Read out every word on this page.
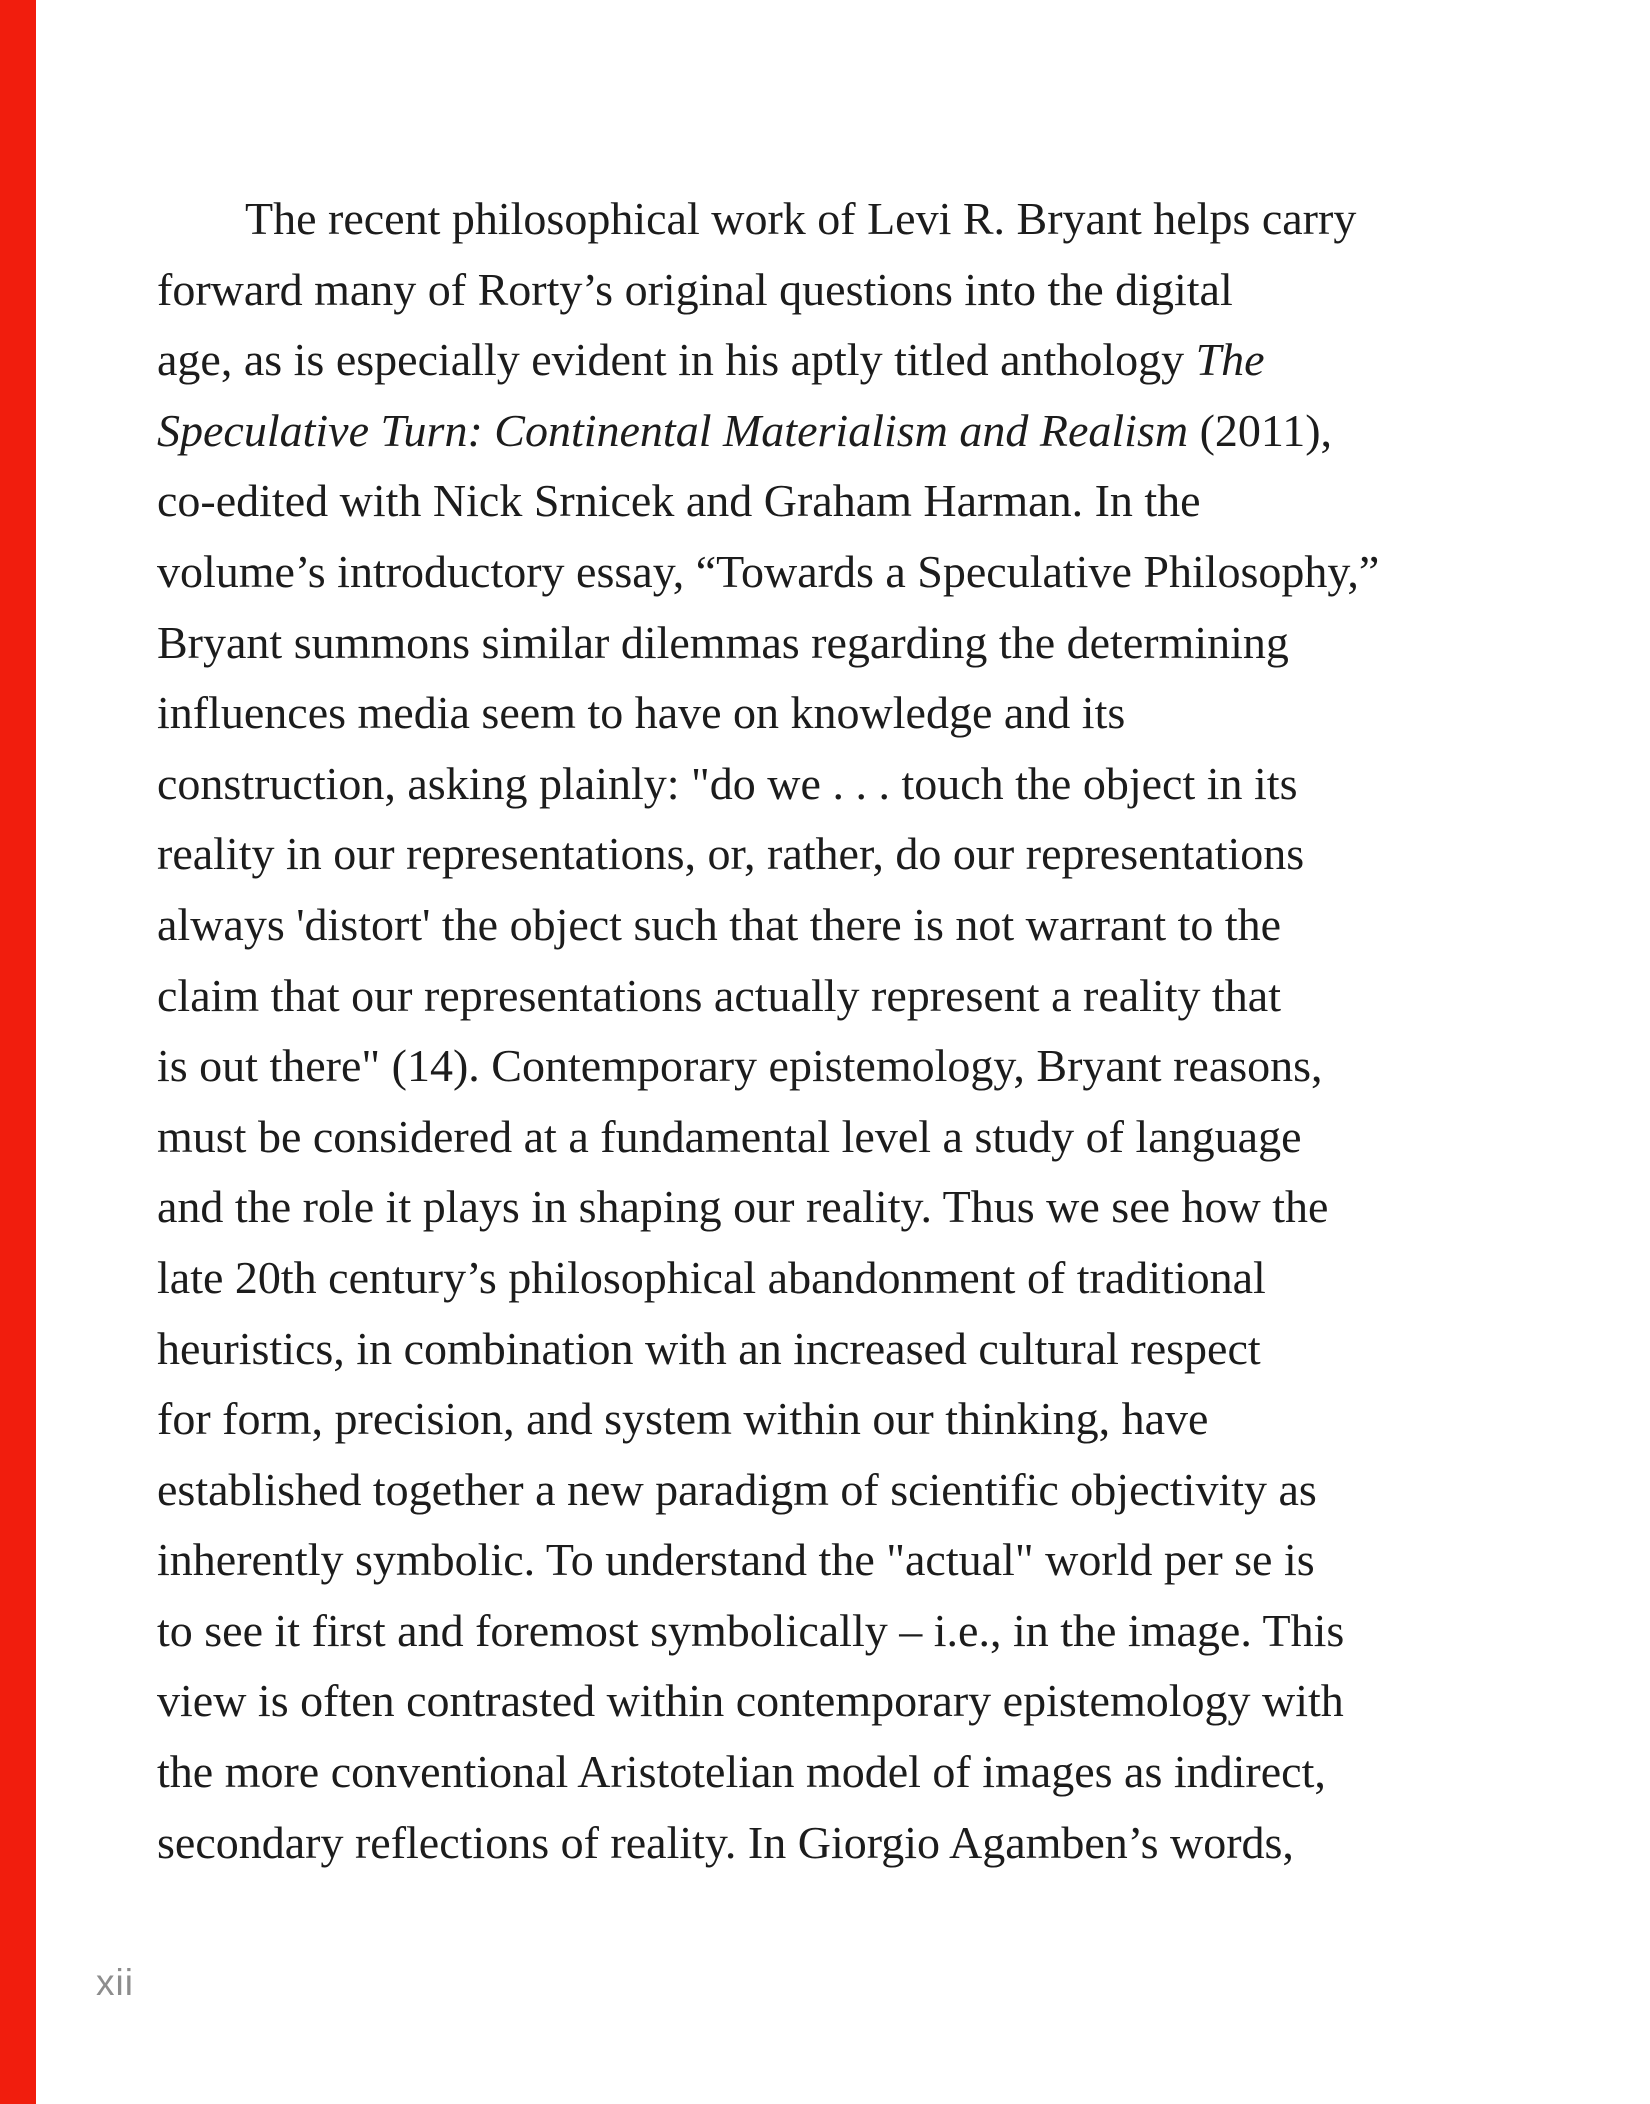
The recent philosophical work of Levi R. Bryant helps carry
forward many of Rorty’s original questions into the digital
age, as is especially evident in his aptly titled anthology The
Speculative Turn: Continental Materialism and Realism (2011),
co-edited with Nick Srnicek and Graham Harman. In the
volume’s introductory essay, “Towards a Speculative Philosophy,”
Bryant summons similar dilemmas regarding the determining
influences media seem to have on knowledge and its
construction, asking plainly: "do we . . . touch the object in its
reality in our representations, or, rather, do our representations
always 'distort' the object such that there is not warrant to the
claim that our representations actually represent a reality that
is out there" (14). Contemporary epistemology, Bryant reasons,
must be considered at a fundamental level a study of language
and the role it plays in shaping our reality. Thus we see how the
late 20th century’s philosophical abandonment of traditional
heuristics, in combination with an increased cultural respect
for form, precision, and system within our thinking, have
established together a new paradigm of scientific objectivity as
inherently symbolic. To understand the "actual" world per se is
to see it first and foremost symbolically – i.e., in the image. This
view is often contrasted within contemporary epistemology with
the more conventional Aristotelian model of images as indirect,
secondary reflections of reality. In Giorgio Agamben’s words,
xii
